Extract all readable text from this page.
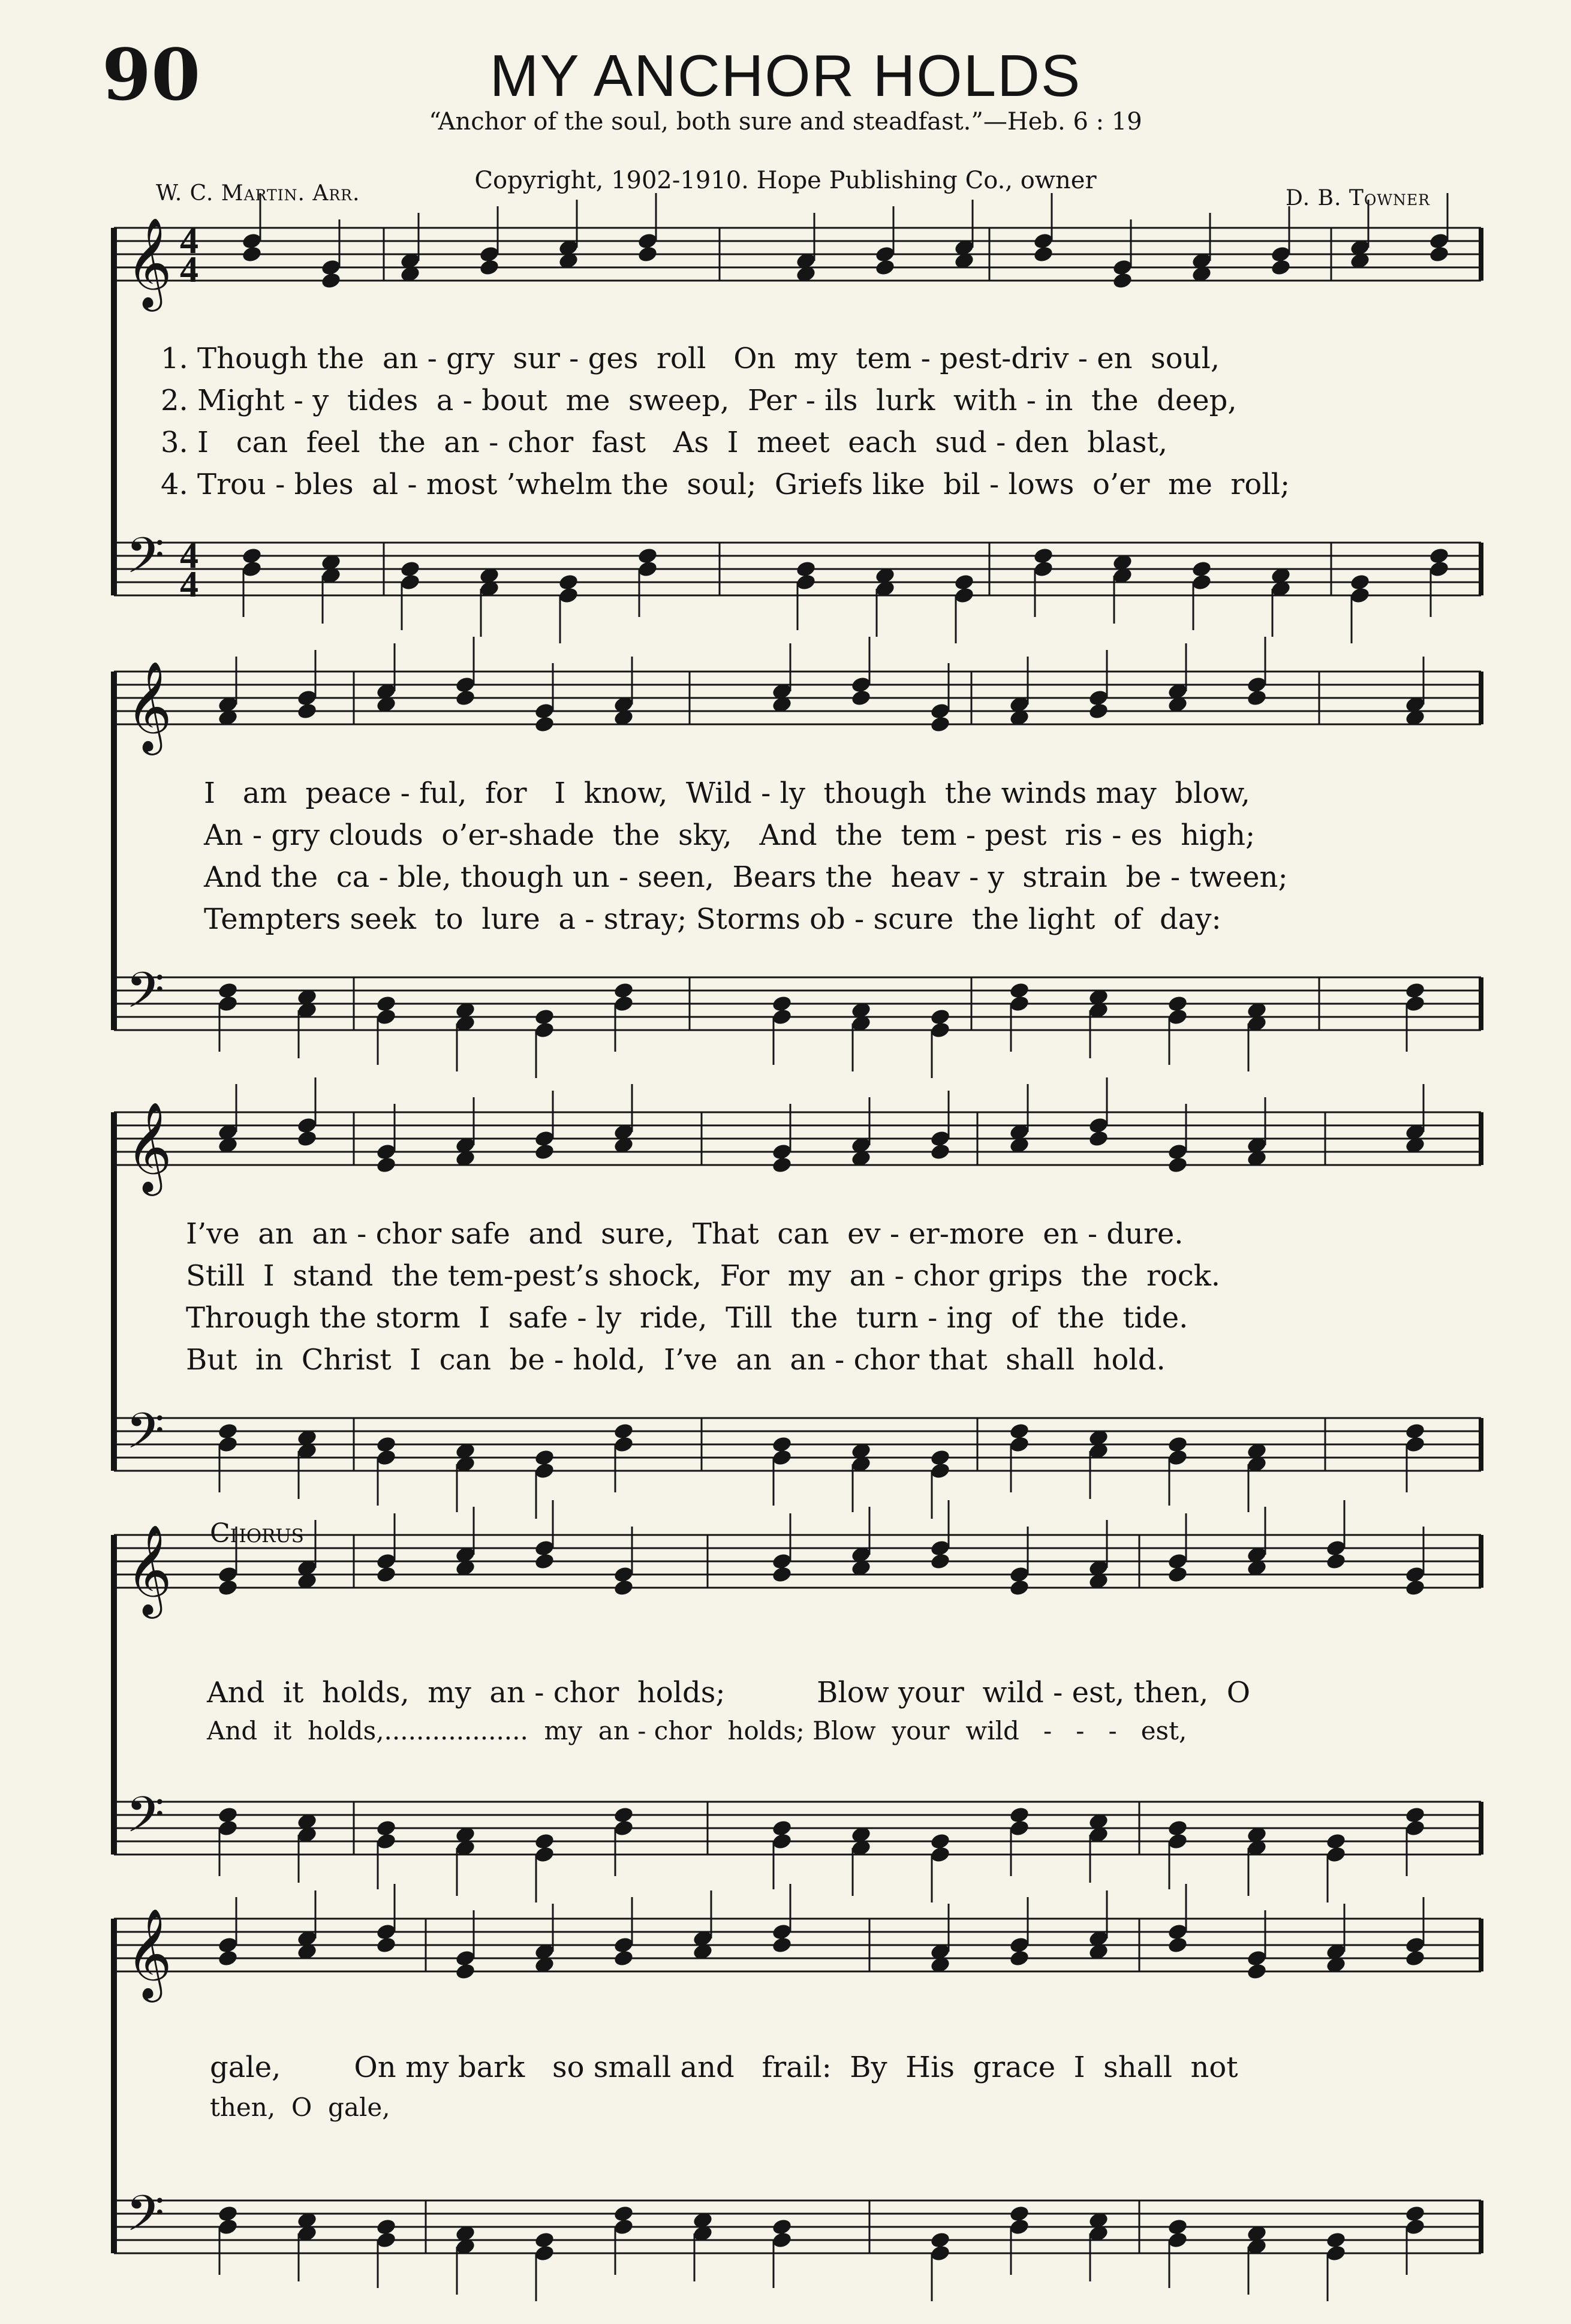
90	MY ANCHOR HOLDS
“Anchor of the soul, both sure and steadfast.”—Heb. 6 : 19
Copyright, 1902-1910. Hope Publishing Co., owner
W. C. Martin. Arr.	D. B. Towner
𝄞
𝄢
4
4
4
4
𝄞
𝄢
𝄞
𝄢
𝄞
𝄢
𝄞
𝄢
1. Though the  an - gry  sur - ges  roll   On  my  tem - pest-driv - en  soul,
2. Might - y  tides  a - bout  me  sweep,  Per - ils  lurk  with - in  the  deep,
3. I   can  feel  the  an - chor  fast   As  I  meet  each  sud - den  blast,
4. Trou - bles  al - most ’whelm the  soul;  Griefs like  bil - lows  o’er  me  roll;
I   am  peace - ful,  for   I  know,  Wild - ly  though  the winds may  blow,
An - gry clouds  o’er-shade  the  sky,   And  the  tem - pest  ris - es  high;
And the  ca - ble, though un - seen,  Bears the  heav - y  strain  be - tween;
Tempters seek  to  lure  a - stray; Storms ob - scure  the light  of  day:
I’ve  an  an - chor safe  and  sure,  That  can  ev - er-more  en - dure.
Still  I  stand  the tem-pest’s shock,  For  my  an - chor grips  the  rock.
Through the storm  I  safe - ly  ride,  Till  the  turn - ing  of  the  tide.
But  in  Christ  I  can  be - hold,  I’ve  an  an - chor that  shall  hold.
Chorus
And  it  holds,  my  an - chor  holds;          Blow your  wild - est, then,  O
And  it  holds,..................  my  an - chor  holds; Blow  your  wild   -   -   -   est,
gale,        On my bark   so small and   frail:  By  His  grace  I  shall  not
then,  O  gale,
